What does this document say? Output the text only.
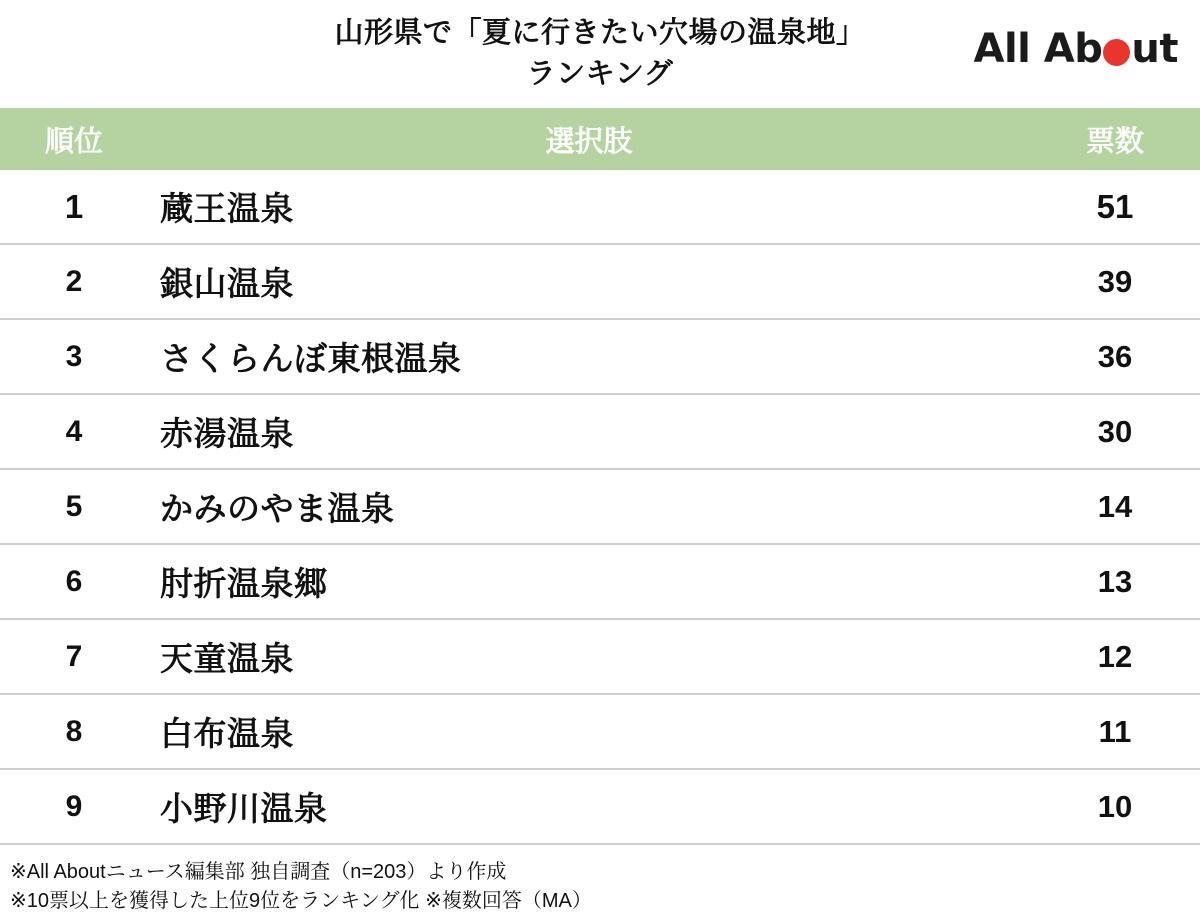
山形県で「夏に行きたい穴場の温泉地」
ランキング
All Ab ut
順位	選択肢	票数
1	蔵王温泉	51
2	銀山温泉	39
3	さくらんぼ東根温泉	36
4	赤湯温泉	30
5	かみのやま温泉	14
6	肘折温泉郷	13
7	天童温泉	12
8	白布温泉	11
9	小野川温泉	10
※All Aboutニュース編集部 独自調査（n=203）より作成
※10票以上を獲得した上位9位をランキング化 ※複数回答（MA）
